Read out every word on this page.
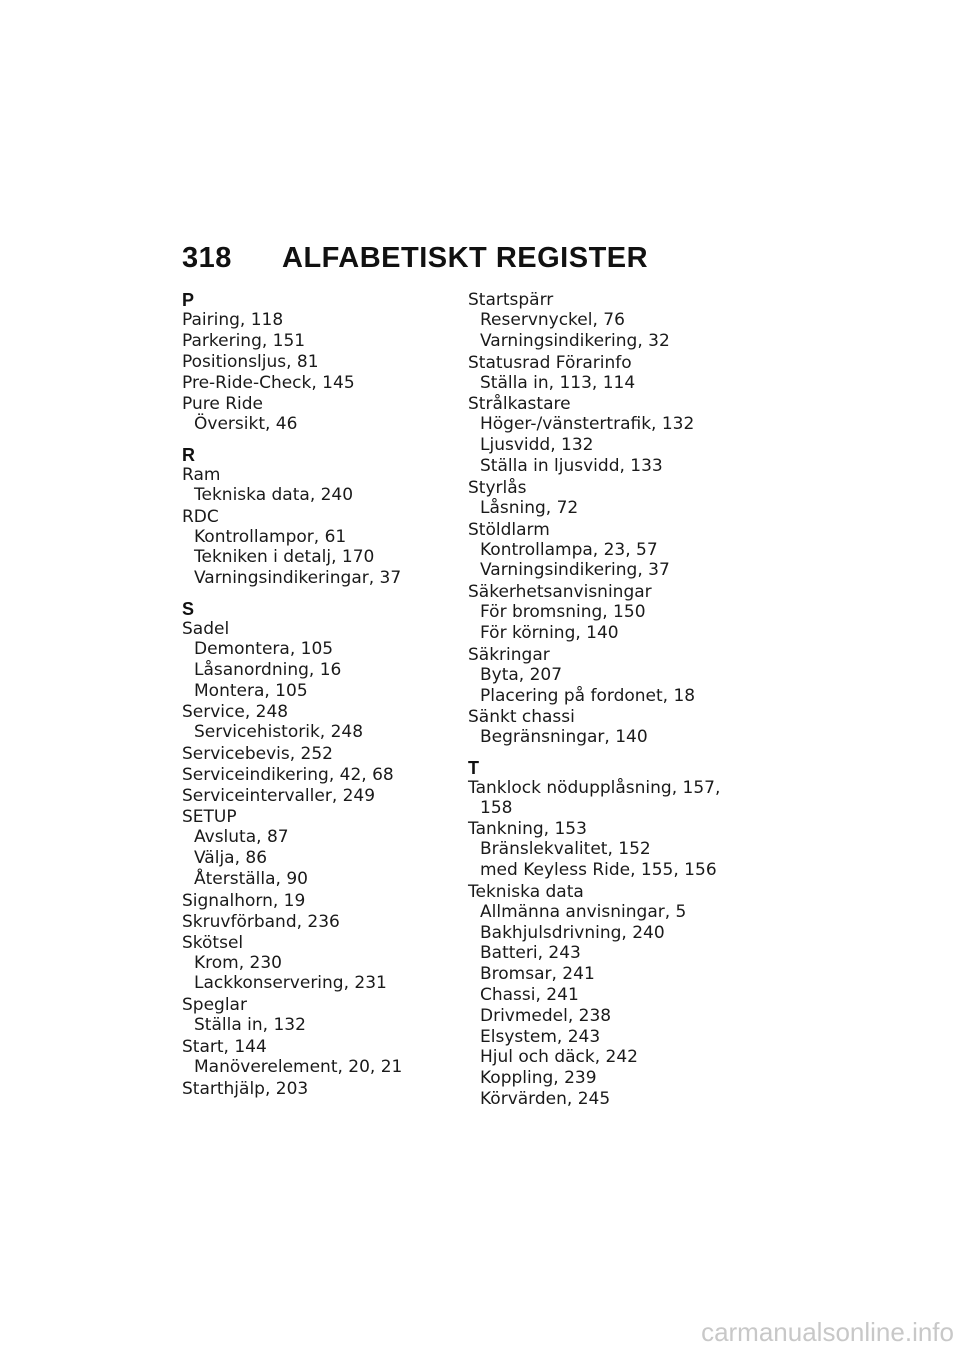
318 ALFABETISKT REGISTER
P
Pairing, 118
Parkering, 151
Positionsljus, 81
Pre-Ride-Check, 145
Pure Ride
Översikt, 46
R
Ram
Tekniska data, 240
RDC
Kontrollampor, 61
Tekniken i detalj, 170
Varningsindikeringar, 37
S
Sadel
Demontera, 105
Låsanordning, 16
Montera, 105
Service, 248
Servicehistorik, 248
Servicebevis, 252
Serviceindikering, 42, 68
Serviceintervaller, 249
SETUP
Avsluta, 87
Välja, 86
Återställa, 90
Signalhorn, 19
Skruvförband, 236
Skötsel
Krom, 230
Lackkonservering, 231
Speglar
Ställa in, 132
Start, 144
Manöverelement, 20, 21
Starthjälp, 203
Startspärr
Reservnyckel, 76
Varningsindikering, 32
Statusrad Förarinfo
Ställa in, 113, 114
Strålkastare
Höger-/vänstertrafik, 132
Ljusvidd, 132
Ställa in ljusvidd, 133
Styrlås
Låsning, 72
Stöldlarm
Kontrollampa, 23, 57
Varningsindikering, 37
Säkerhetsanvisningar
För bromsning, 150
För körning, 140
Säkringar
Byta, 207
Placering på fordonet, 18
Sänkt chassi
Begränsningar, 140
T
Tanklock nödupplåsning, 157,
158
Tankning, 153
Bränslekvalitet, 152
med Keyless Ride, 155, 156
Tekniska data
Allmänna anvisningar, 5
Bakhjulsdrivning, 240
Batteri, 243
Bromsar, 241
Chassi, 241
Drivmedel, 238
Elsystem, 243
Hjul och däck, 242
Koppling, 239
Körvärden, 245
carmanualsonline.info
